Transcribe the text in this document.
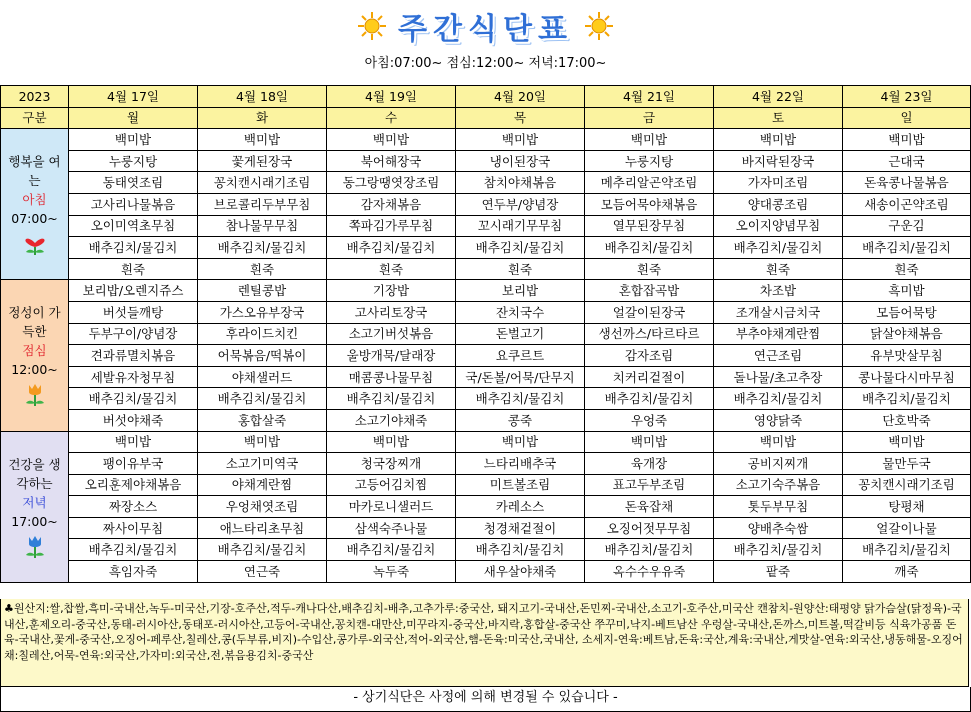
주간식단표
아침:07:00~ 점심:12:00~ 저녁:17:00~
2023	4월 17일	4월 18일	4월 19일	4월 20일	4월 21일	4월 22일	4월 23일
구분	월	화	수	목	금	토	일

행복을 여는
아침
07:00~	백미밥	백미밥	백미밥	백미밥	백미밥	백미밥	백미밥
	누룽지탕	꽃게된장국	북어해장국	냉이된장국	누룽지탕	바지락된장국	근대국
	동태엿조림	꽁치캔시래기조림	동그랑땡엿장조림	참치야채볶음	메추리알곤약조림	가자미조림	돈육콩나물볶음
	고사리나물볶음	브로콜리두부무침	감자채볶음	연두부/양념장	모듬어묵야채볶음	양대콩조림	새송이곤약조림
	오이미역초무침	참나물무무침	쪽파김가루무침	꼬시래기무무침	열무된장무침	오이지양념무침	구운김
	배추김치/물김치	배추김치/물김치	배추김치/물김치	배추김치/물김치	배추김치/물김치	배추김치/물김치	배추김치/물김치
	흰죽	흰죽	흰죽	흰죽	흰죽	흰죽	흰죽

정성이 가득한
점심
12:00~	보리밥/오렌지쥬스	렌틸콩밥	기장밥	보리밥	혼합잡곡밥	차조밥	흑미밥
	버섯들깨탕	가스오유부장국	고사리토장국	잔치국수	얼갈이된장국	조개살시금치국	모듬어묵탕
	두부구이/양념장	후라이드치킨	소고기버섯볶음	돈벌고기	생선까스/타르타르	부추야채계란찜	닭살야채볶음
	견과류멸치볶음	어묵볶음/떡볶이	울방개묵/달래장	요쿠르트	감자조림	연근조림	유부맛살무침
	세발유자청무침	야채샐러드	매콤콩나물무침	국/돈볼/어묵/단무지	치커리겉절이	돌나물/초고추장	콩나물다시마무침
	배추김치/물김치	배추김치/물김치	배추김치/물김치	배추김치/물김치	배추김치/물김치	배추김치/물김치	배추김치/물김치
	버섯야채죽	홍합살죽	소고기야채죽	콩죽	우엉죽	영양닭죽	단호박죽

건강을 생각하는
저녁
17:00~	백미밥	백미밥	백미밥	백미밥	백미밥	백미밥	백미밥
	팽이유부국	소고기미역국	청국장찌개	느타리배추국	육개장	공비지찌개	물만두국
	오리훈제야채볶음	야채계란찜	고등어김치찜	미트볼조림	표고두부조림	소고기숙주볶음	꽁치캔시래기조림
	짜장소스	우엉채엿조림	마카로니샐러드	카레소스	돈육잡채	톳두부무침	탕평채
	짜사이무침	애느타리초무침	삼색숙주나물	청경채겉절이	오징어젓무무침	양배추숙쌈	얼갈이나물
	배추김치/물김치	배추김치/물김치	배추김치/물김치	배추김치/물김치	배추김치/물김치	배추김치/물김치	배추김치/물김치
	흑임자죽	연근죽	녹두죽	새우살야채죽	옥수수우유죽	팥죽	깨죽
♣원산지:쌀,찹쌀,흑미-국내산,녹두-미국산,기장-호주산,적두-캐나다산,배추김치-배추,고추가루:중국산, 돼지고기-국내산,돈민찌-국내산,소고기-호주산,미국산 캔참치-원양산:태평양 닭가슴살(닭정육)-국내산,훈제오리-중국산,동태-러시아산,동태포-러시아산,고등어-국내산,꽁치캔-대만산,미꾸라지-중국산,바지락,홍합살-중국산 쭈꾸미,낙지-베트남산 우렁살-국내산,돈까스,미트볼,떡갈비등 식육가공품 돈육-국내산,꽃게-중국산,오징어-페루산,칠레산,콩(두부류,비지)-수입산,콩가루-외국산,적어-외국산,햄-돈육:미국산,국내산, 소세지-연육:베트남,돈육:국산,계육:국내산,게맛살-연육:외국산,냉동해물-오징어채:칠레산,어묵-연육:외국산,가자미:외국산,전,볶음용김치-중국산
- 상기식단은 사정에 의해 변경될 수 있습니다 -
